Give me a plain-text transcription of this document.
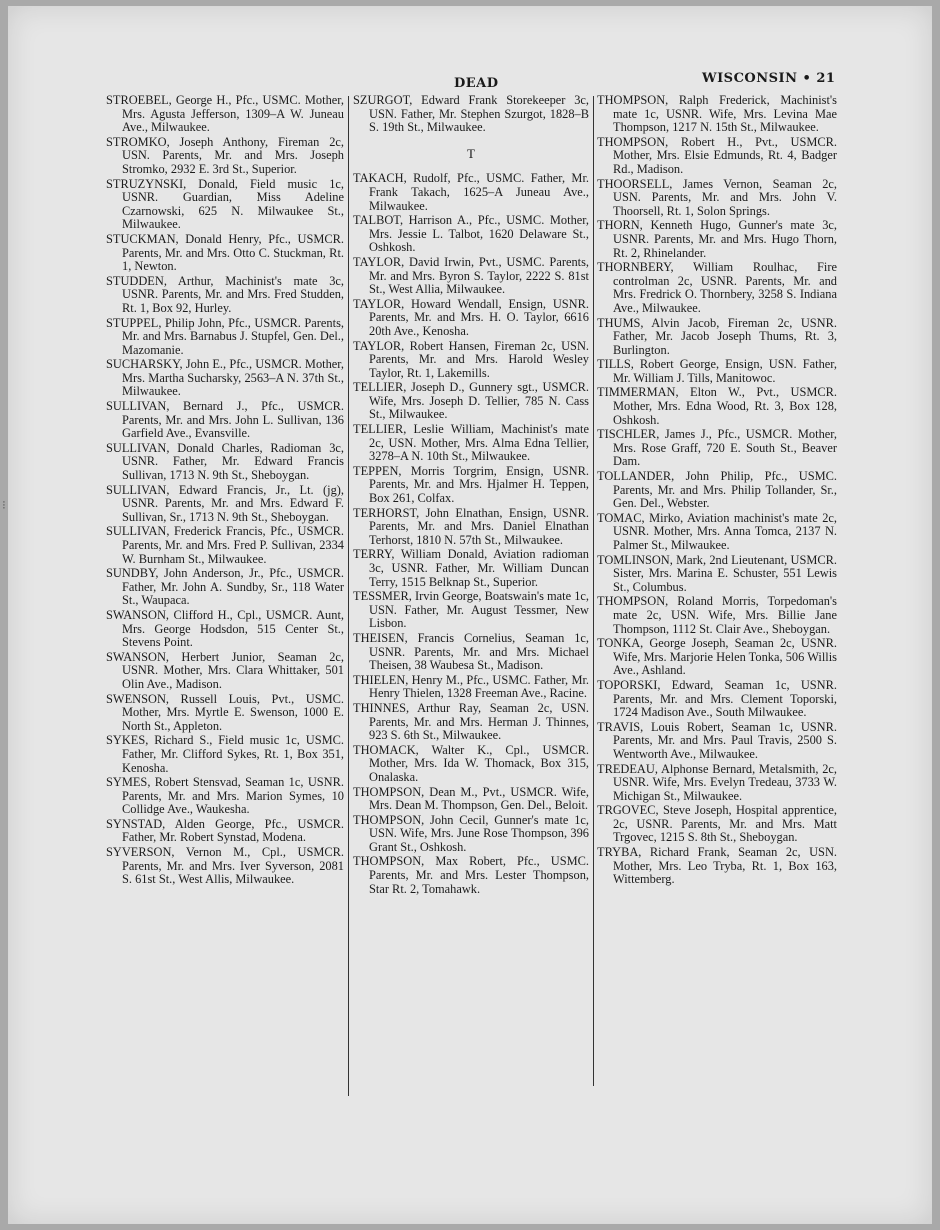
DEAD	WISCONSIN • 21
⁝

STROEBEL, George H., Pfc., USMC. Mother, Mrs. Agusta Jefferson, 1309–A W. Juneau Ave., Milwaukee.

STROMKO, Joseph Anthony, Fireman 2c, USN. Parents, Mr. and Mrs. Joseph Stromko, 2932 E. 3rd St., Superior.

STRUZYNSKI, Donald, Field music 1c, USNR. Guardian, Miss Adeline Czarnowski, 625 N. Milwaukee St., Milwaukee.

STUCKMAN, Donald Henry, Pfc., USMCR. Parents, Mr. and Mrs. Otto C. Stuckman, Rt. 1, Newton.

STUDDEN, Arthur, Machinist's mate 3c, USNR. Parents, Mr. and Mrs. Fred Studden, Rt. 1, Box 92, Hurley.

STUPPEL, Philip John, Pfc., USMCR. Parents, Mr. and Mrs. Barnabus J. Stupfel, Gen. Del., Mazomanie.

SUCHARSKY, John E., Pfc., USMCR. Mother, Mrs. Martha Sucharsky, 2563–A N. 37th St., Milwaukee.

SULLIVAN, Bernard J., Pfc., USMCR. Parents, Mr. and Mrs. John L. Sullivan, 136 Garfield Ave., Evansville.

SULLIVAN, Donald Charles, Radioman 3c, USNR. Father, Mr. Edward Francis Sullivan, 1713 N. 9th St., Sheboygan.

SULLIVAN, Edward Francis, Jr., Lt. (jg), USNR. Parents, Mr. and Mrs. Edward F. Sullivan, Sr., 1713 N. 9th St., Sheboygan.

SULLIVAN, Frederick Francis, Pfc., USMCR. Parents, Mr. and Mrs. Fred P. Sullivan, 2334 W. Burnham St., Milwaukee.

SUNDBY, John Anderson, Jr., Pfc., USMCR. Father, Mr. John A. Sundby, Sr., 118 Water St., Waupaca.

SWANSON, Clifford H., Cpl., USMCR. Aunt, Mrs. George Hodsdon, 515 Center St., Stevens Point.

SWANSON, Herbert Junior, Seaman 2c, USNR. Mother, Mrs. Clara Whittaker, 501 Olin Ave., Madison.

SWENSON, Russell Louis, Pvt., USMC. Mother, Mrs. Myrtle E. Swenson, 1000 E. North St., Appleton.

SYKES, Richard S., Field music 1c, USMC. Father, Mr. Clifford Sykes, Rt. 1, Box 351, Kenosha.

SYMES, Robert Stensvad, Seaman 1c, USNR. Parents, Mr. and Mrs. Marion Symes, 10 Collidge Ave., Waukesha.

SYNSTAD, Alden George, Pfc., USMCR. Father, Mr. Robert Synstad, Modena.

SYVERSON, Vernon M., Cpl., USMCR. Parents, Mr. and Mrs. Iver Syverson, 2081 S. 61st St., West Allis, Milwaukee.

SZURGOT, Edward Frank Storekeeper 3c, USN. Father, Mr. Stephen Szurgot, 1828–B S. 19th St., Milwaukee.

T

TAKACH, Rudolf, Pfc., USMC. Father, Mr. Frank Takach, 1625–A Juneau Ave., Milwaukee.

TALBOT, Harrison A., Pfc., USMC. Mother, Mrs. Jessie L. Talbot, 1620 Delaware St., Oshkosh.

TAYLOR, David Irwin, Pvt., USMC. Parents, Mr. and Mrs. Byron S. Taylor, 2222 S. 81st St., West Allia, Milwaukee.

TAYLOR, Howard Wendall, Ensign, USNR. Parents, Mr. and Mrs. H. O. Taylor, 6616 20th Ave., Kenosha.

TAYLOR, Robert Hansen, Fireman 2c, USN. Parents, Mr. and Mrs. Harold Wesley Taylor, Rt. 1, Lakemills.

TELLIER, Joseph D., Gunnery sgt., USMCR. Wife, Mrs. Joseph D. Tellier, 785 N. Cass St., Milwaukee.

TELLIER, Leslie William, Machinist's mate 2c, USN. Mother, Mrs. Alma Edna Tellier, 3278–A N. 10th St., Milwaukee.

TEPPEN, Morris Torgrim, Ensign, USNR. Parents, Mr. and Mrs. Hjalmer H. Teppen, Box 261, Colfax.

TERHORST, John Elnathan, Ensign, USNR. Parents, Mr. and Mrs. Daniel Elnathan Terhorst, 1810 N. 57th St., Milwaukee.

TERRY, William Donald, Aviation radioman 3c, USNR. Father, Mr. William Duncan Terry, 1515 Belknap St., Superior.

TESSMER, Irvin George, Boatswain's mate 1c, USN. Father, Mr. August Tessmer, New Lisbon.

THEISEN, Francis Cornelius, Seaman 1c, USNR. Parents, Mr. and Mrs. Michael Theisen, 38 Waubesa St., Madison.

THIELEN, Henry M., Pfc., USMC. Father, Mr. Henry Thielen, 1328 Freeman Ave., Racine.

THINNES, Arthur Ray, Seaman 2c, USN. Parents, Mr. and Mrs. Herman J. Thinnes, 923 S. 6th St., Milwaukee.

THOMACK, Walter K., Cpl., USMCR. Mother, Mrs. Ida W. Thomack, Box 315, Onalaska.

THOMPSON, Dean M., Pvt., USMCR. Wife, Mrs. Dean M. Thompson, Gen. Del., Beloit.

THOMPSON, John Cecil, Gunner's mate 1c, USN. Wife, Mrs. June Rose Thompson, 396 Grant St., Oshkosh.

THOMPSON, Max Robert, Pfc., USMC. Parents, Mr. and Mrs. Lester Thompson, Star Rt. 2, Tomahawk.

THOMPSON, Ralph Frederick, Machinist's mate 1c, USNR. Wife, Mrs. Levina Mae Thompson, 1217 N. 15th St., Milwaukee.

THOMPSON, Robert H., Pvt., USMCR. Mother, Mrs. Elsie Edmunds, Rt. 4, Badger Rd., Madison.

THOORSELL, James Vernon, Seaman 2c, USN. Parents, Mr. and Mrs. John V. Thoorsell, Rt. 1, Solon Springs.

THORN, Kenneth Hugo, Gunner's mate 3c, USNR. Parents, Mr. and Mrs. Hugo Thorn, Rt. 2, Rhinelander.

THORNBERY, William Roulhac, Fire controlman 2c, USNR. Parents, Mr. and Mrs. Fredrick O. Thornbery, 3258 S. Indiana Ave., Milwaukee.

THUMS, Alvin Jacob, Fireman 2c, USNR. Father, Mr. Jacob Joseph Thums, Rt. 3, Burlington.

TILLS, Robert George, Ensign, USN. Father, Mr. William J. Tills, Manitowoc.

TIMMERMAN, Elton W., Pvt., USMCR. Mother, Mrs. Edna Wood, Rt. 3, Box 128, Oshkosh.

TISCHLER, James J., Pfc., USMCR. Mother, Mrs. Rose Graff, 720 E. South St., Beaver Dam.

TOLLANDER, John Philip, Pfc., USMC. Parents, Mr. and Mrs. Philip Tollander, Sr., Gen. Del., Webster.

TOMAC, Mirko, Aviation machinist's mate 2c, USNR. Mother, Mrs. Anna Tomca, 2137 N. Palmer St., Milwaukee.

TOMLINSON, Mark, 2nd Lieutenant, USMCR. Sister, Mrs. Marina E. Schuster, 551 Lewis St., Columbus.

THOMPSON, Roland Morris, Torpedoman's mate 2c, USN. Wife, Mrs. Billie Jane Thompson, 1112 St. Clair Ave., Sheboygan.

TONKA, George Joseph, Seaman 2c, USNR. Wife, Mrs. Marjorie Helen Tonka, 506 Willis Ave., Ashland.

TOPORSKI, Edward, Seaman 1c, USNR. Parents, Mr. and Mrs. Clement Toporski, 1724 Madison Ave., South Milwaukee.

TRAVIS, Louis Robert, Seaman 1c, USNR. Parents, Mr. and Mrs. Paul Travis, 2500 S. Wentworth Ave., Milwaukee.

TREDEAU, Alphonse Bernard, Metalsmith, 2c, USNR. Wife, Mrs. Evelyn Tredeau, 3733 W. Michigan St., Milwaukee.

TRGOVEC, Steve Joseph, Hospital apprentice, 2c, USNR. Parents, Mr. and Mrs. Matt Trgovec, 1215 S. 8th St., Sheboygan.

TRYBA, Richard Frank, Seaman 2c, USN. Mother, Mrs. Leo Tryba, Rt. 1, Box 163, Wittemberg.
